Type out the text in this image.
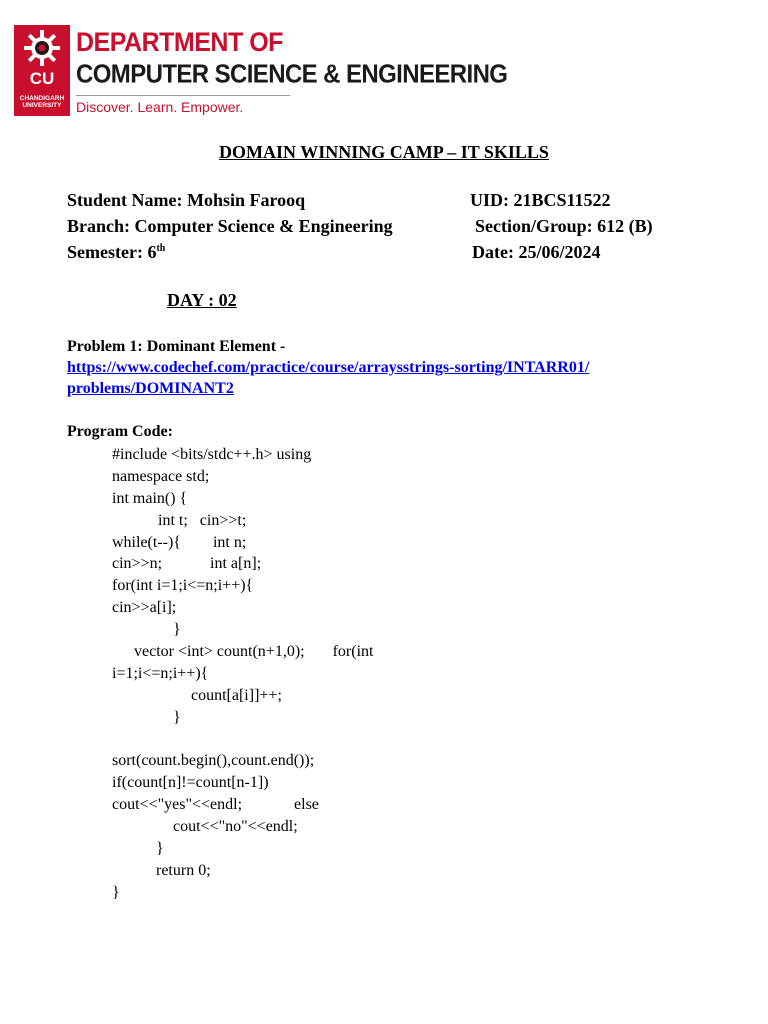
CU
CHANDIGARH UNIVERSITY
DEPARTMENT OF
COMPUTER SCIENCE & ENGINEERING
Discover. Learn. Empower.
DOMAIN WINNING CAMP – IT SKILLS
Student Name: Mohsin Farooq	UID: 21BCS11522
Branch: Computer Science & Engineering	Section/Group: 612 (B)
Semester: 6th	Date: 25/06/2024
DAY : 02
Problem 1: Dominant Element -
https://www.codechef.com/practice/course/arraysstrings-sorting/INTARR01/
problems/DOMINANT2
Program Code:
#include <bits/stdc++.h> using
namespace std;
int main() {
int t;   cin>>t;
while(t--){        int n;
cin>>n;            int a[n];
for(int i=1;i<=n;i++){
cin>>a[i];
}
vector <int> count(n+1,0);       for(int
i=1;i<=n;i++){
count[a[i]]++;
}
sort(count.begin(),count.end());
if(count[n]!=count[n-1])
cout<<"yes"<<endl;             else
cout<<"no"<<endl;
}
return 0;
}
